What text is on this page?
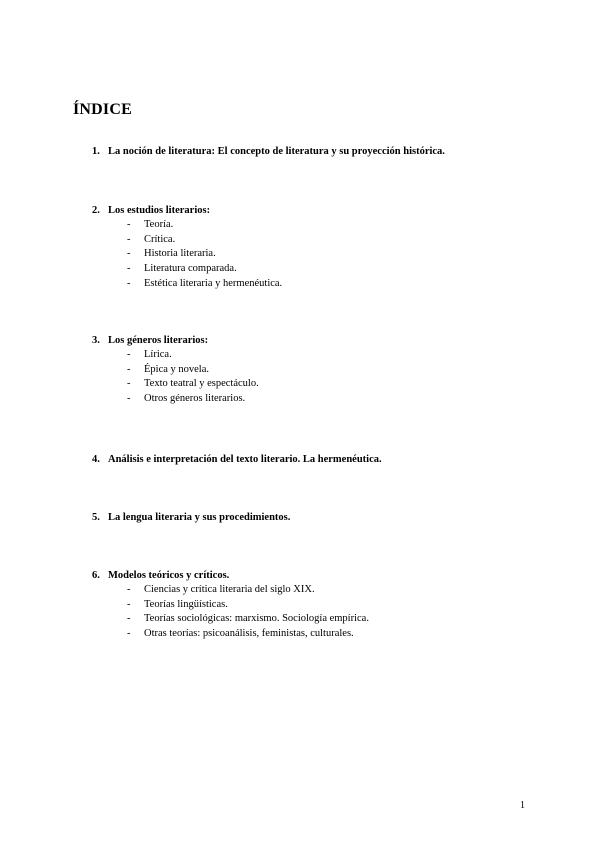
ÍNDICE
1. La noción de literatura: El concepto de literatura y su proyección histórica.
2. Los estudios literarios:
- Teoría.
- Crítica.
- Historia literaria.
- Literatura comparada.
- Estética literaria y hermenéutica.
3. Los géneros literarios:
- Lírica.
- Épica y novela.
- Texto teatral y espectáculo.
- Otros géneros literarios.
4. Análisis e interpretación del texto literario. La hermenéutica.
5. La lengua literaria y sus procedimientos.
6. Modelos teóricos y críticos.
- Ciencias y crítica literaria del siglo XIX.
- Teorías lingüísticas.
- Teorías sociológicas: marxismo. Sociología empírica.
- Otras teorías: psicoanálisis, feministas, culturales.
1
